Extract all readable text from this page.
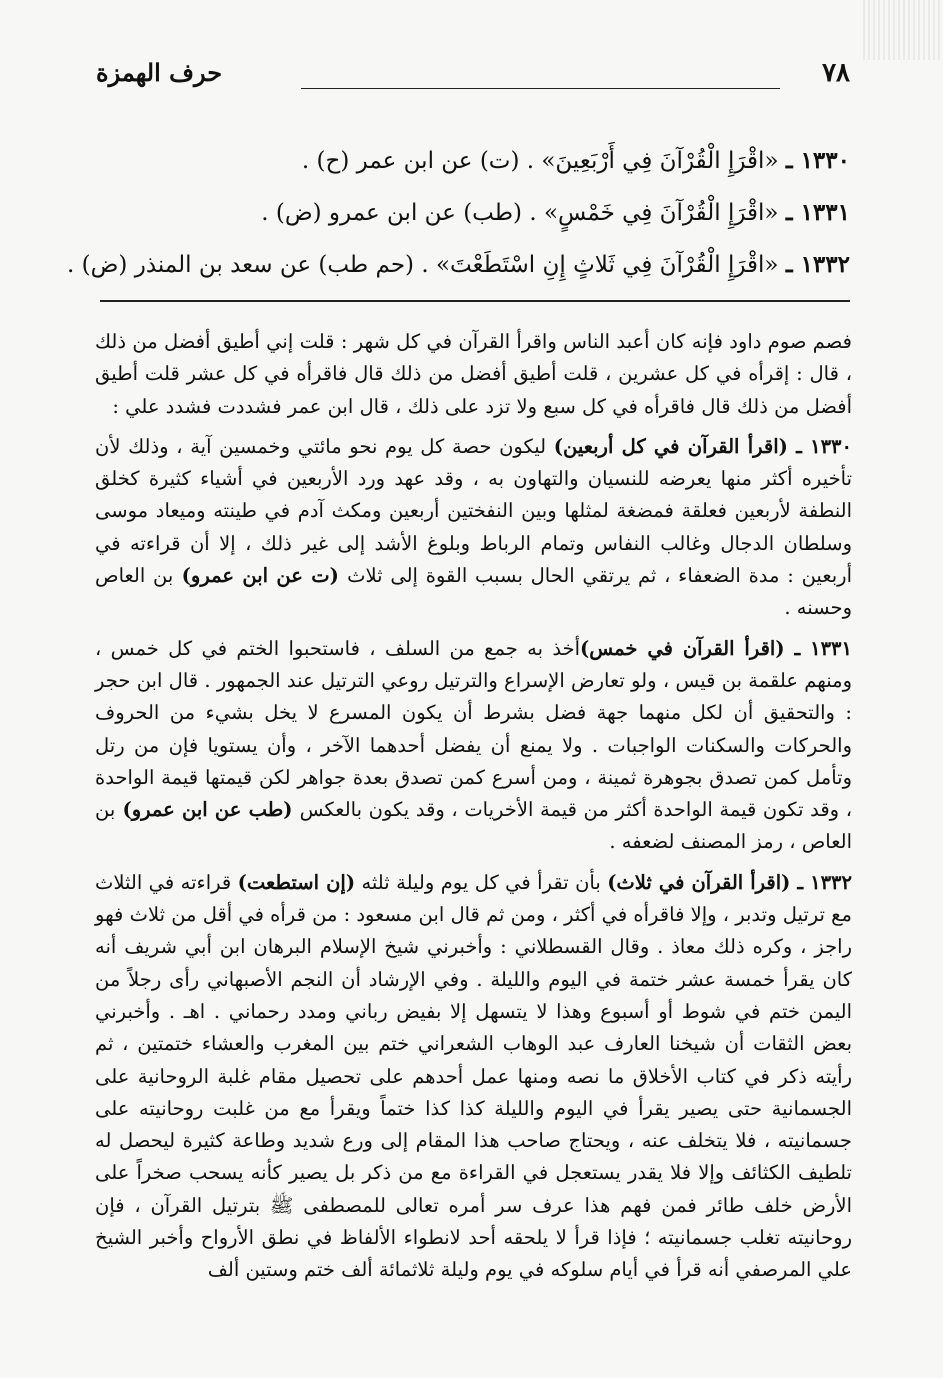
٧٨
حرف الهمزة
١٣٣٠ ـ «اقْرَإِ الْقُرْآنَ فِي أَرْبَعِينَ» . (ت) عن ابن عمر (ح) .
١٣٣١ ـ «اقْرَإِ الْقُرْآنَ فِي خَمْسٍ» . (طب) عن ابن عمرو (ض) .
١٣٣٢ ـ «اقْرَإِ الْقُرْآنَ فِي ثَلاثٍ إِنِ اسْتَطَعْتَ» . (حم طب) عن سعد بن المنذر (ض) .

فصم صوم داود فإنه كان أعبد الناس واقرأ القرآن في كل شهر : قلت إني أطيق أفضل من ذلك ، قال : إقرأه في كل عشرين ، قلت أطيق أفضل من ذلك قال فاقرأه في كل عشر قلت أطيق أفضل من ذلك قال فاقرأه في كل سبع ولا تزد على ذلك ، قال ابن عمر فشددت فشدد علي :

١٣٣٠ ـ (اقرأ القرآن في كل أربعين) ليكون حصة كل يوم نحو مائتي وخمسين آية ، وذلك لأن تأخيره أكثر منها يعرضه للنسيان والتهاون به ، وقد عهد ورد الأربعين في أشياء كثيرة كخلق النطفة لأربعين فعلقة فمضغة لمثلها وبين النفختين أربعين ومكث آدم في طينته وميعاد موسى وسلطان الدجال وغالب النفاس وتمام الرباط وبلوغ الأشد إلى غير ذلك ، إلا أن قراءته في أربعين : مدة الضعفاء ، ثم يرتقي الحال بسبب القوة إلى ثلاث (ت عن ابن عمرو) بن العاص وحسنه .

١٣٣١ ـ (اقرأ القرآن في خمس)أخذ به جمع من السلف ، فاستحبوا الختم في كل خمس ، ومنهم علقمة بن قيس ، ولو تعارض الإسراع والترتيل روعي الترتيل عند الجمهور . قال ابن حجر : والتحقيق أن لكل منهما جهة فضل بشرط أن يكون المسرع لا يخل بشيء من الحروف والحركات والسكنات الواجبات . ولا يمنع أن يفضل أحدهما الآخر ، وأن يستويا فإن من رتل وتأمل كمن تصدق بجوهرة ثمينة ، ومن أسرع كمن تصدق بعدة جواهر لكن قيمتها قيمة الواحدة ، وقد تكون قيمة الواحدة أكثر من قيمة الأخريات ، وقد يكون بالعكس (طب عن ابن عمرو) بن العاص ، رمز المصنف لضعفه .

١٣٣٢ ـ (اقرأ القرآن في ثلاث) بأن تقرأ في كل يوم وليلة ثلثه (إن استطعت) قراءته في الثلاث مع ترتيل وتدبر ، وإلا فاقرأه في أكثر ، ومن ثم قال ابن مسعود : من قرأه في أقل من ثلاث فهو راجز ، وكره ذلك معاذ . وقال القسطلاني : وأخبرني شيخ الإسلام البرهان ابن أبي شريف أنه كان يقرأ خمسة عشر ختمة في اليوم والليلة . وفي الإرشاد أن النجم الأصبهاني رأى رجلاً من اليمن ختم في شوط أو أسبوع وهذا لا يتسهل إلا بفيض رباني ومدد رحماني . اهـ . وأخبرني بعض الثقات أن شيخنا العارف عبد الوهاب الشعراني ختم بين المغرب والعشاء ختمتين ، ثم رأيته ذكر في كتاب الأخلاق ما نصه ومنها عمل أحدهم على تحصيل مقام غلبة الروحانية على الجسمانية حتى يصير يقرأ في اليوم والليلة كذا كذا ختماً ويقرأ مع من غلبت روحانيته على جسمانيته ، فلا يتخلف عنه ، ويحتاج صاحب هذا المقام إلى ورع شديد وطاعة كثيرة ليحصل له تلطيف الكثائف وإلا فلا يقدر يستعجل في القراءة مع من ذكر بل يصير كأنه يسحب صخراً على الأرض خلف طائر فمن فهم هذا عرف سر أمره تعالى للمصطفى ﷺ بترتيل القرآن ، فإن روحانيته تغلب جسمانيته ؛ فإذا قرأ لا يلحقه أحد لانطواء الألفاظ في نطق الأرواح وأخبر الشيخ علي المرصفي أنه قرأ في أيام سلوكه في يوم وليلة ثلاثمائة ألف ختم وستين ألف
